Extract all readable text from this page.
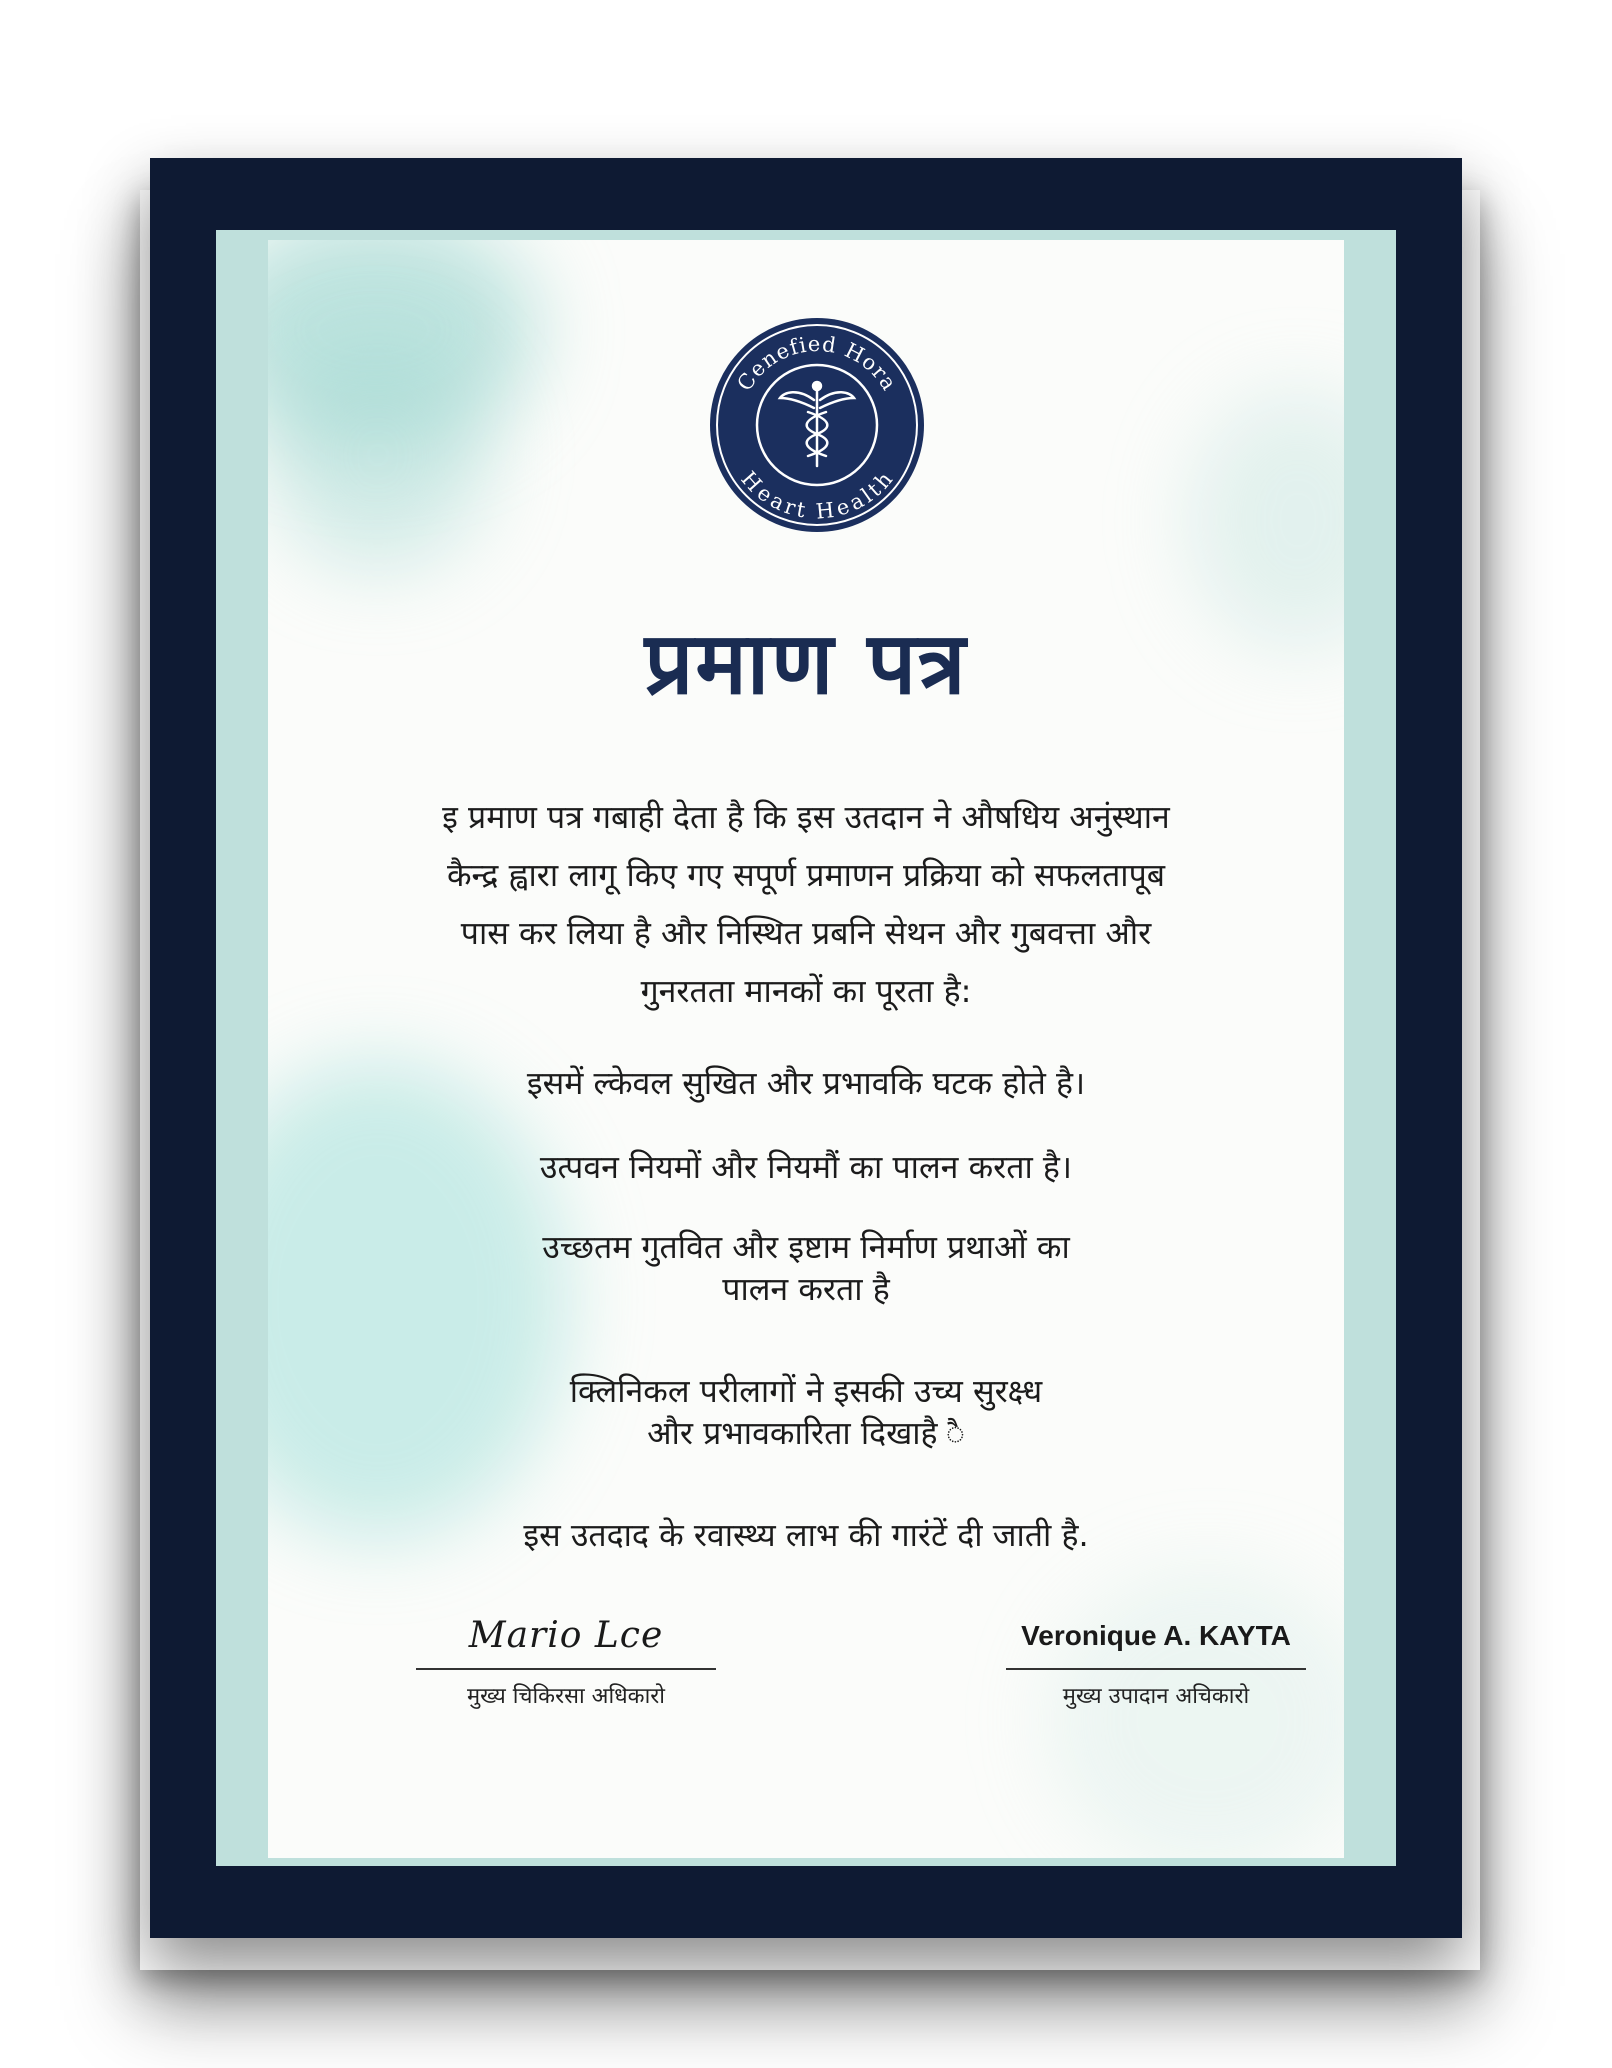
Cenefied Hora
Heart Health
प्रमाण पत्र
इ प्रमाण पत्र गबाही देता है कि इस उतदान ने औषधिय अनुंस्थान
कैन्द्र ह्वारा लागू किए गए सपूर्ण प्रमाणन प्रक्रिया को सफलतापूब
पास कर लिया है और निस्थित प्रबनि सेथन और गुबवत्ता और
गुनरतता मानकों का पूरता है:
इसमें ल्केवल सुखित और प्रभावकि घटक होते है।
उत्पवन नियमों और नियमौं का पालन करता है।
उच्छतम गुतवित और इष्टाम निर्माण प्रथाओं का
पालन करता है
क्लिनिकल परीलागों ने इसकी उच्य सुरक्ष्ध
और प्रभावकारिता दिखाहै ै
इस उतदाद के रवास्थ्य लाभ की गारंटें दी जाती है.
Mario Lce
मुख्य चिकिरसा अधिकारो
Veronique A. KAYTA
मुख्य उपादान अचिकारो
